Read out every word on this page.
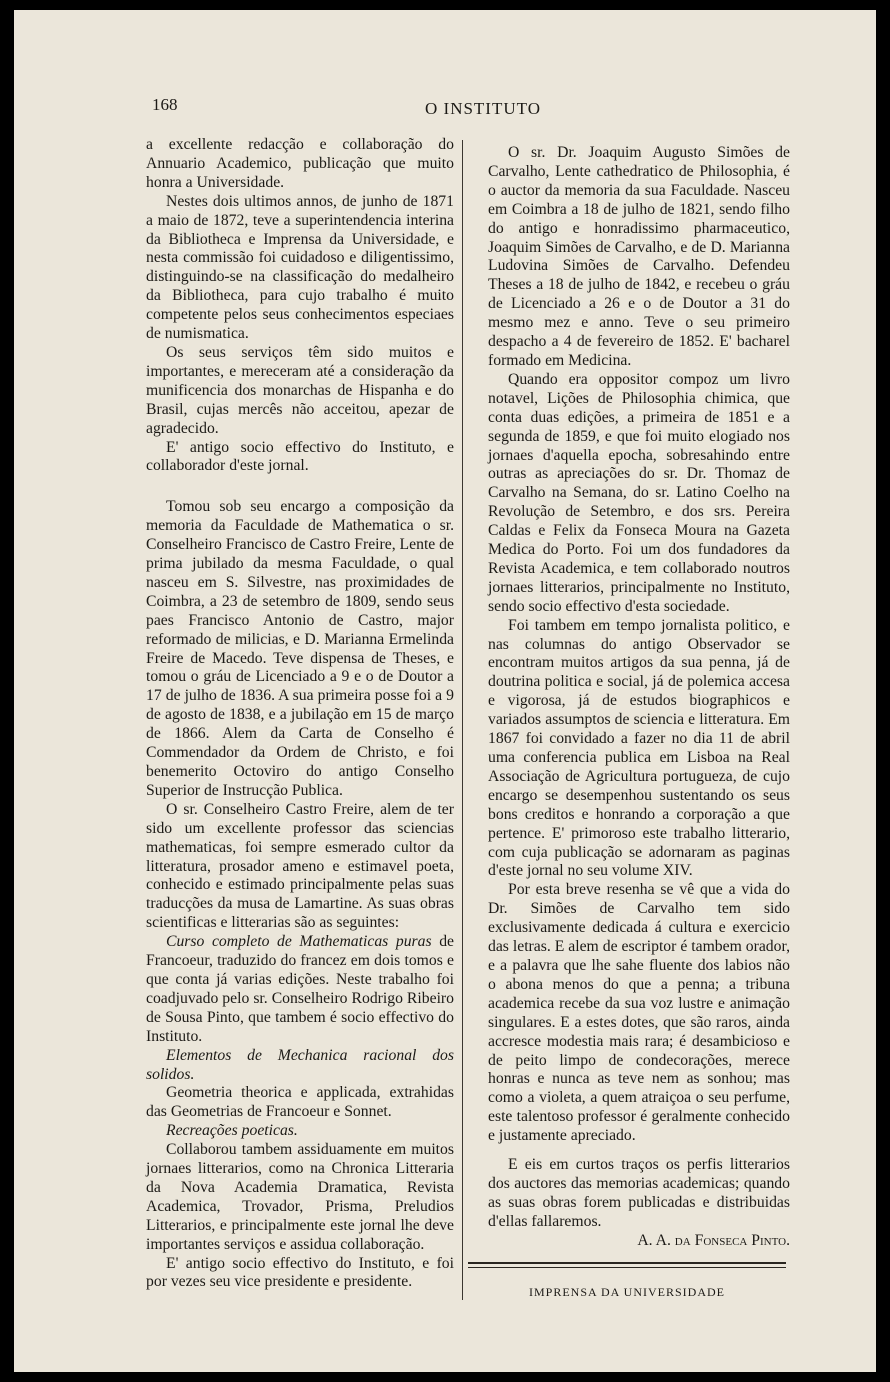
168	O INSTITUTO

a excellente redacção e collaboração do Annuario Academico, publicação que muito honra a Universidade.

Nestes dois ultimos annos, de junho de 1871 a maio de 1872, teve a superintendencia interina da Bibliotheca e Imprensa da Universidade, e nesta commissão foi cuidadoso e diligentissimo, distinguindo-se na classificação do medalheiro da Bibliotheca, para cujo trabalho é muito competente pelos seus conhecimentos especiaes de numismatica.

Os seus serviços têm sido muitos e importantes, e mereceram até a consideração da munificencia dos monarchas de Hispanha e do Brasil, cujas mercês não acceitou, apezar de agradecido.

E' antigo socio effectivo do Instituto, e collaborador d'este jornal.

Tomou sob seu encargo a composição da memoria da Faculdade de Mathematica o sr. Conselheiro Francisco de Castro Freire, Lente de prima jubilado da mesma Faculdade, o qual nasceu em S. Silvestre, nas proximidades de Coimbra, a 23 de setembro de 1809, sendo seus paes Francisco Antonio de Castro, major reformado de milicias, e D. Marianna Ermelinda Freire de Macedo. Teve dispensa de Theses, e tomou o gráu de Licenciado a 9 e o de Doutor a 17 de julho de 1836. A sua primeira posse foi a 9 de agosto de 1838, e a jubilação em 15 de março de 1866. Alem da Carta de Conselho é Commendador da Ordem de Christo, e foi benemerito Octoviro do antigo Conselho Superior de Instrucção Publica.

O sr. Conselheiro Castro Freire, alem de ter sido um excellente professor das sciencias mathematicas, foi sempre esmerado cultor da litteratura, prosador ameno e estimavel poeta, conhecido e estimado principalmente pelas suas traducções da musa de Lamartine. As suas obras scientificas e litterarias são as seguintes:

Curso completo de Mathematicas puras de Francoeur, traduzido do francez em dois tomos e que conta já varias edições. Neste trabalho foi coadjuvado pelo sr. Conselheiro Rodrigo Ribeiro de Sousa Pinto, que tambem é socio effectivo do Instituto.

Elementos de Mechanica racional dos solidos.

Geometria theorica e applicada, extrahidas das Geometrias de Francoeur e Sonnet.

Recreações poeticas.

Collaborou tambem assiduamente em muitos jornaes litterarios, como na Chronica Litteraria da Nova Academia Dramatica, Revista Academica, Trovador, Prisma, Preludios Litterarios, e principalmente este jornal lhe deve importantes serviços e assidua collaboração.

E' antigo socio effectivo do Instituto, e foi por vezes seu vice presidente e presidente.

O sr. Dr. Joaquim Augusto Simões de Carvalho, Lente cathedratico de Philosophia, é o auctor da memoria da sua Faculdade. Nasceu em Coimbra a 18 de julho de 1821, sendo filho do antigo e honradissimo pharmaceutico, Joaquim Simões de Carvalho, e de D. Marianna Ludovina Simões de Carvalho. Defendeu Theses a 18 de julho de 1842, e recebeu o gráu de Licenciado a 26 e o de Doutor a 31 do mesmo mez e anno. Teve o seu primeiro despacho a 4 de fevereiro de 1852. E' bacharel formado em Medicina.

Quando era oppositor compoz um livro notavel, Lições de Philosophia chimica, que conta duas edições, a primeira de 1851 e a segunda de 1859, e que foi muito elogiado nos jornaes d'aquella epocha, sobresahindo entre outras as apreciações do sr. Dr. Thomaz de Carvalho na Semana, do sr. Latino Coelho na Revolução de Setembro, e dos srs. Pereira Caldas e Felix da Fonseca Moura na Gazeta Medica do Porto. Foi um dos fundadores da Revista Academica, e tem collaborado noutros jornaes litterarios, principalmente no Instituto, sendo socio effectivo d'esta sociedade.

Foi tambem em tempo jornalista politico, e nas columnas do antigo Observador se encontram muitos artigos da sua penna, já de doutrina politica e social, já de polemica accesa e vigorosa, já de estudos biographicos e variados assumptos de sciencia e litteratura. Em 1867 foi convidado a fazer no dia 11 de abril uma conferencia publica em Lisboa na Real Associação de Agricultura portugueza, de cujo encargo se desempenhou sustentando os seus bons creditos e honrando a corporação a que pertence. E' primoroso este trabalho litterario, com cuja publicação se adornaram as paginas d'este jornal no seu volume XIV.

Por esta breve resenha se vê que a vida do Dr. Simões de Carvalho tem sido exclusivamente dedicada á cultura e exercicio das letras. E alem de escriptor é tambem orador, e a palavra que lhe sahe fluente dos labios não o abona menos do que a penna; a tribuna academica recebe da sua voz lustre e animação singulares. E a estes dotes, que são raros, ainda accresce modestia mais rara; é desambicioso e de peito limpo de condecorações, merece honras e nunca as teve nem as sonhou; mas como a violeta, a quem atraiçoa o seu perfume, este talentoso professor é geralmente conhecido e justamente apreciado.

E eis em curtos traços os perfis litterarios dos auctores das memorias academicas; quando as suas obras forem publicadas e distribuidas d'ellas fallaremos.

A. A. da Fonseca Pinto.

IMPRENSA DA UNIVERSIDADE
